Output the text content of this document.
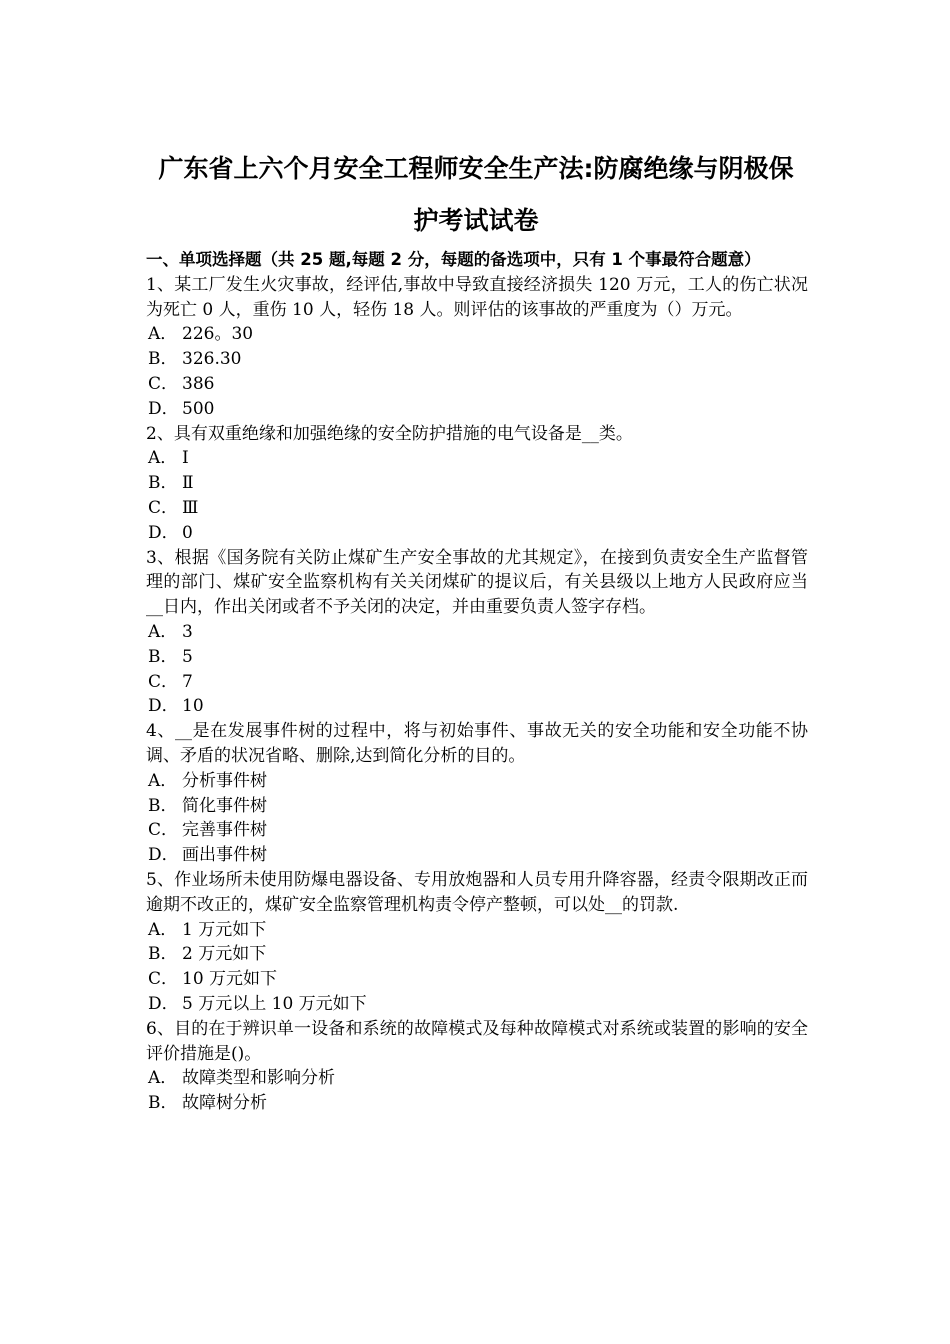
广东省上六个月安全工程师安全生产法:防腐绝缘与阴极保
护考试试卷
一、单项选择题（共 25 题,每题 2 分，每题的备选项中，只有 1 个事最符合题意）
1、某工厂发生火灾事故，经评估,事故中导致直接经济损失 120 万元，工人的伤亡状况为死亡 0 人，重伤 10 人，轻伤 18 人。则评估的该事故的严重度为（）万元。
A． 226。30
B． 326.30
C． 386
D． 500
2、具有双重绝缘和加强绝缘的安全防护措施的电气设备是__类。
A． Ⅰ
B． Ⅱ
C． Ⅲ
D． 0
3、根据《国务院有关防止煤矿生产安全事故的尤其规定》，在接到负责安全生产监督管理的部门、煤矿安全监察机构有关关闭煤矿的提议后，有关县级以上地方人民政府应当__日内，作出关闭或者不予关闭的决定，并由重要负责人签字存档。
A． 3
B． 5
C． 7
D． 10
4、__是在发展事件树的过程中，将与初始事件、事故无关的安全功能和安全功能不协调、矛盾的状况省略、删除,达到简化分析的目的。
A． 分析事件树
B． 简化事件树
C． 完善事件树
D． 画出事件树
5、作业场所未使用防爆电器设备、专用放炮器和人员专用升降容器，经责令限期改正而逾期不改正的，煤矿安全监察管理机构责令停产整顿，可以处__的罚款.
A． 1 万元如下
B． 2 万元如下
C． 10 万元如下
D． 5 万元以上 10 万元如下
6、目的在于辨识单一设备和系统的故障模式及每种故障模式对系统或装置的影响的安全评价措施是()。
A． 故障类型和影响分析
B． 故障树分析
